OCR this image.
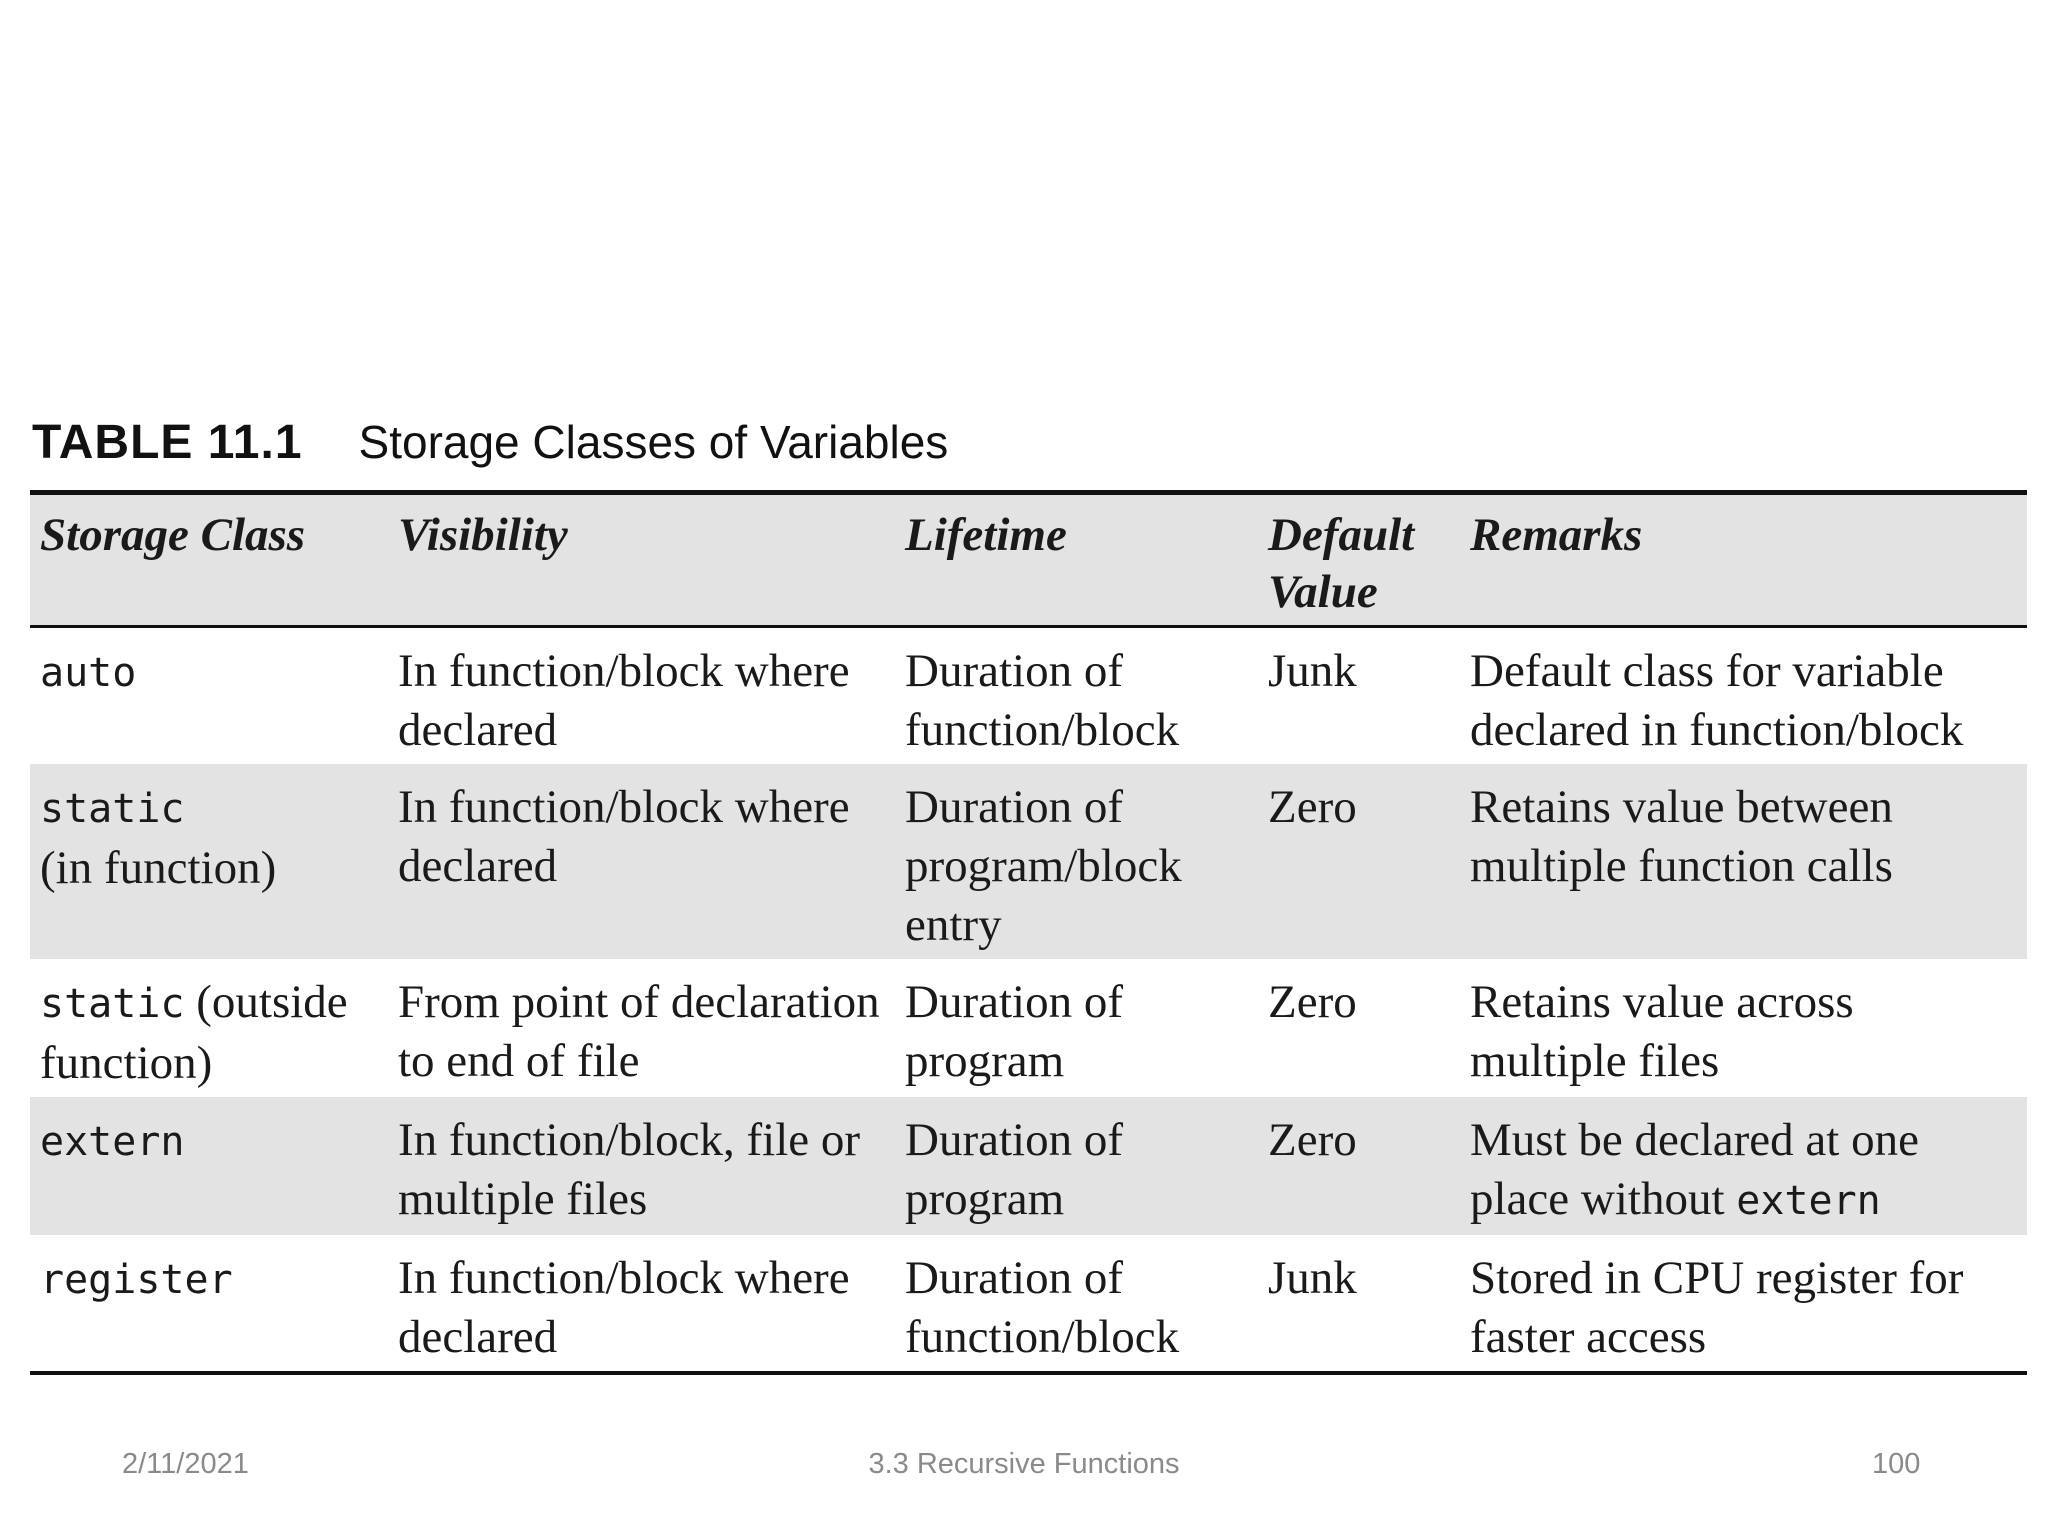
TABLE 11.1 Storage Classes of Variables
Storage Class	Visibility	Lifetime	Default Value	Remarks
auto	In function/block where declared	Duration of function/block	Junk	Default class for variable declared in function/block
static
(in function)	In function/block where declared	Duration of program/block entry	Zero	Retains value between multiple function calls
static (outside function)	From point of declaration to end of file	Duration of program	Zero	Retains value across multiple files
extern	In function/block, file or multiple files	Duration of program	Zero	Must be declared at one place without extern
register	In function/block where declared	Duration of function/block	Junk	Stored in CPU register for faster access
2/11/2021	3.3 Recursive Functions	100
